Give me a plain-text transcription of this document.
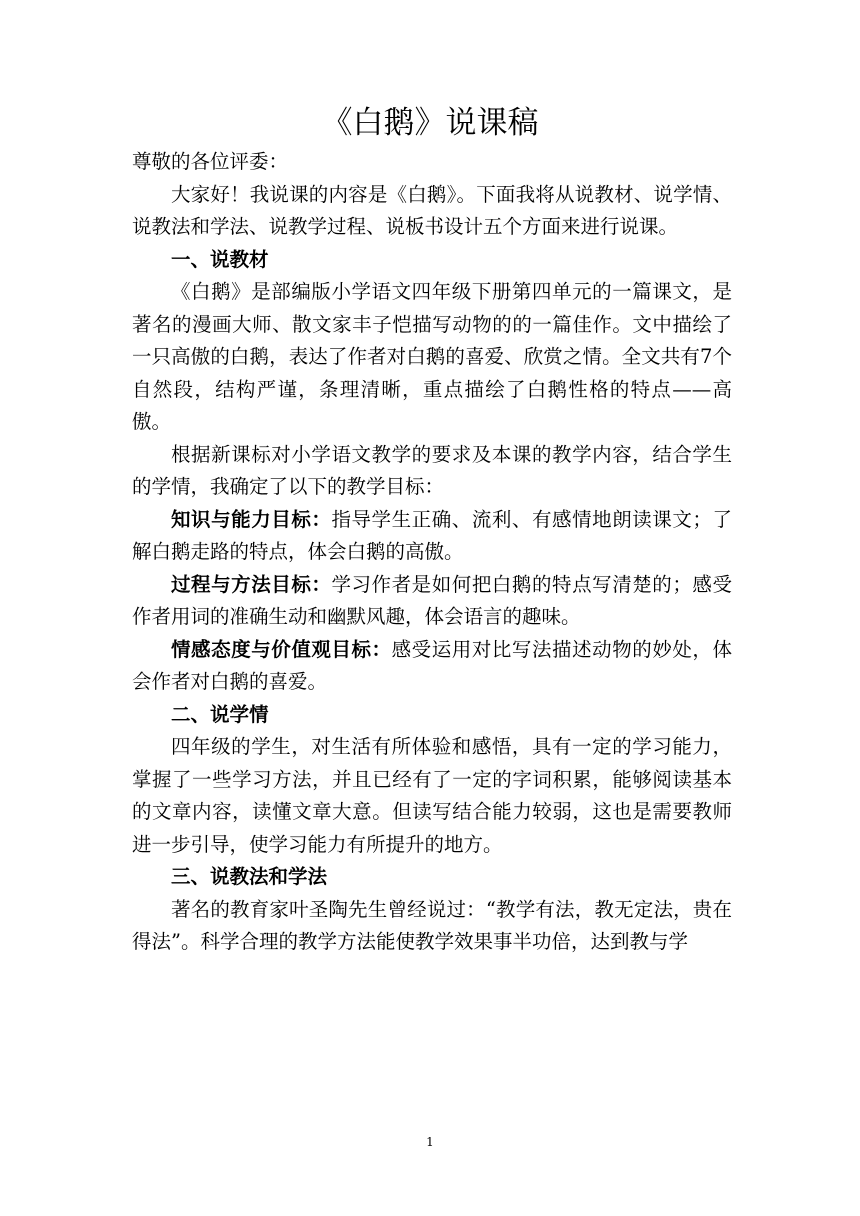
《白鹅》说课稿

尊敬的各位评委：

大家好！我说课的内容是《白鹅》。下面我将从说教材、说学情、说教法和学法、说教学过程、说板书设计五个方面来进行说课。

一、说教材

《白鹅》是部编版小学语文四年级下册第四单元的一篇课文，是著名的漫画大师、散文家丰子恺描写动物的的一篇佳作。文中描绘了一只高傲的白鹅，表达了作者对白鹅的喜爱、欣赏之情。全文共有7个自然段，结构严谨，条理清晰，重点描绘了白鹅性格的特点——高傲。

根据新课标对小学语文教学的要求及本课的教学内容，结合学生的学情，我确定了以下的教学目标：

知识与能力目标：指导学生正确、流利、有感情地朗读课文；了解白鹅走路的特点，体会白鹅的高傲。

过程与方法目标：学习作者是如何把白鹅的特点写清楚的；感受作者用词的准确生动和幽默风趣，体会语言的趣味。

情感态度与价值观目标：感受运用对比写法描述动物的妙处，体会作者对白鹅的喜爱。

二、说学情

四年级的学生，对生活有所体验和感悟，具有一定的学习能力，掌握了一些学习方法，并且已经有了一定的字词积累，能够阅读基本的文章内容，读懂文章大意。但读写结合能力较弱，这也是需要教师进一步引导，使学习能力有所提升的地方。

三、说教法和学法

著名的教育家叶圣陶先生曾经说过：“教学有法，教无定法，贵在得法”。科学合理的教学方法能使教学效果事半功倍，达到教与学

1
